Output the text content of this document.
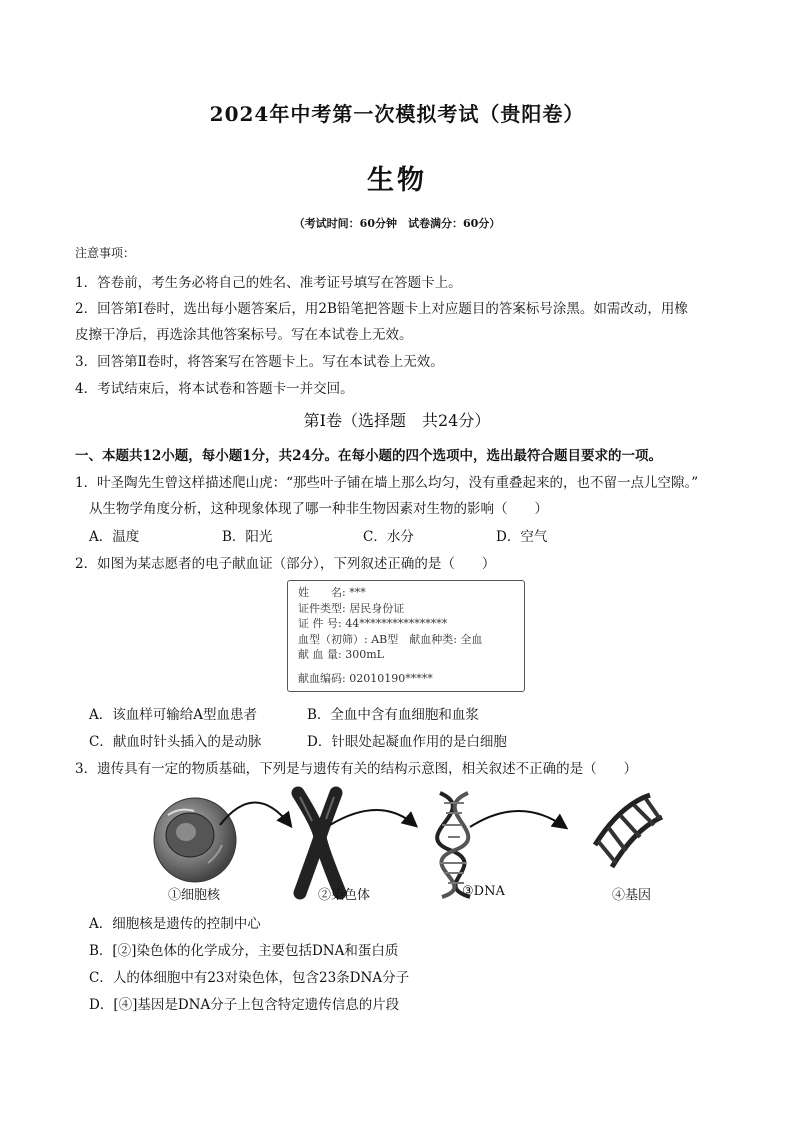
2024年中考第一次模拟考试（贵阳卷）
生物
（考试时间：60分钟　试卷满分：60分）
注意事项：
1．答卷前，考生务必将自己的姓名、准考证号填写在答题卡上。
2．回答第Ⅰ卷时，选出每小题答案后，用2B铅笔把答题卡上对应题目的答案标号涂黑。如需改动，用橡
皮擦干净后，再选涂其他答案标号。写在本试卷上无效。
3．回答第Ⅱ卷时，将答案写在答题卡上。写在本试卷上无效。
4．考试结束后，将本试卷和答题卡一并交回。
第Ⅰ卷（选择题　共24分）
一、本题共12小题，每小题1分，共24分。在每小题的四个选项中，选出最符合题目要求的一项。
1．叶圣陶先生曾这样描述爬山虎：“那些叶子铺在墙上那么均匀，没有重叠起来的，也不留一点儿空隙。”
从生物学角度分析，这种现象体现了哪一种非生物因素对生物的影响（　　）
A．温度	B．阳光	C．水分	D．空气
2．如图为某志愿者的电子献血证（部分），下列叙述正确的是（　　）
姓　　名: ***
证件类型: 居民身份证
证 件 号: 44****************
血型（初筛）: AB型　献血种类: 全血
献 血 量: 300mL
献血编码: 02010190*****
A．该血样可输给A型血患者	B．全血中含有血细胞和血浆
C．献血时针头插入的是动脉	D．针眼处起凝血作用的是白细胞
3．遗传具有一定的物质基础，下列是与遗传有关的结构示意图，相关叙述不正确的是（　　）
①细胞核	②染色体	③DNA	④基因
A．细胞核是遗传的控制中心
B．[②]染色体的化学成分，主要包括DNA和蛋白质
C．人的体细胞中有23对染色体，包含23条DNA分子
D．[④]基因是DNA分子上包含特定遗传信息的片段
